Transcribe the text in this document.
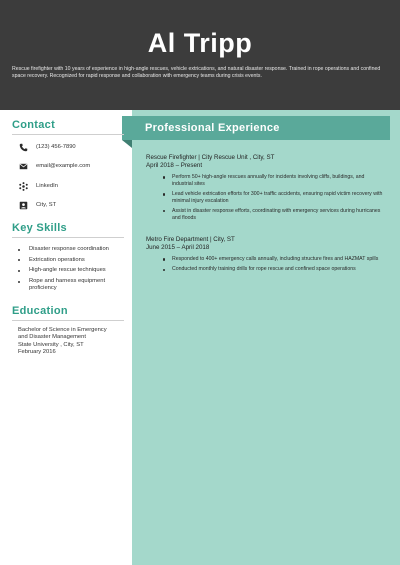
Al Tripp
Rescue firefighter with 10 years of experience in high-angle rescues, vehicle extrications, and natural disaster response. Trained in rope operations and confined space recovery. Recognized for rapid response and collaboration with emergency teams during crisis events.
Professional Experience
Contact
(123) 456-7890
email@example.com
LinkedIn
City, ST
Key Skills
Disaster response coordination
Extrication operations
High-angle rescue techniques
Rope and harness equipment proficiency
Education
Bachelor of Science in Emergency
and Disaster Management
State University , City, ST
February 2016
Rescue Firefighter | City Rescue Unit , City, ST
April 2018 – Present
Perform 50+ high-angle rescues annually for incidents involving cliffs, buildings, and industrial sites
Lead vehicle extrication efforts for 300+ traffic accidents, ensuring rapid victim recovery with minimal injury escalation
Assist in disaster response efforts, coordinating with emergency services during hurricanes and floods
Metro Fire Department | City, ST
June 2015 – April 2018
Responded to 400+ emergency calls annually, including structure fires and HAZMAT spills
Conducted monthly training drills for rope rescue and confined space operations
